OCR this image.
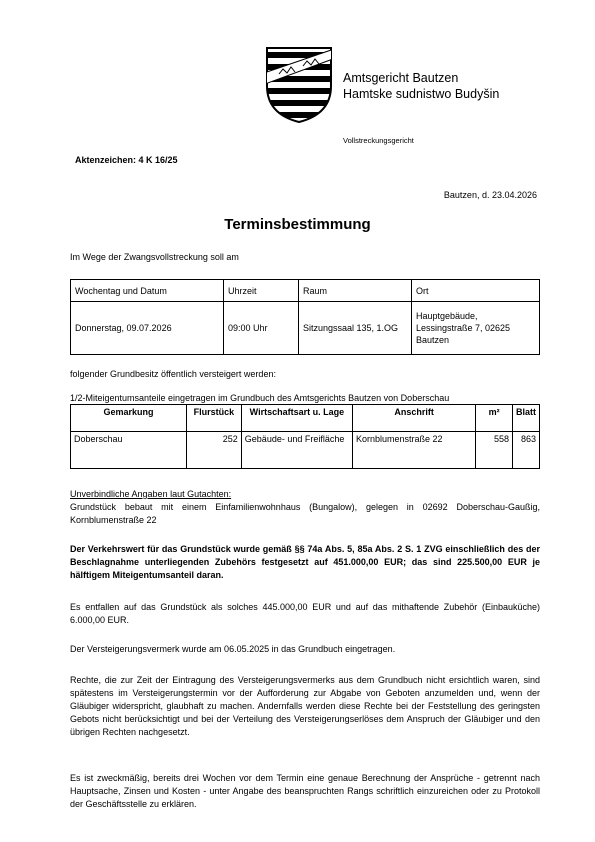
Amtsgericht Bautzen
Hamtske sudnistwo Budyšin
Vollstreckungsgericht
Aktenzeichen: 4 K 16/25
Bautzen, d. 23.04.2026
Terminsbestimmung
Im Wege der Zwangsvollstreckung soll am
Wochentag und Datum	Uhrzeit	Raum	Ort
Donnerstag, 09.07.2026	09:00 Uhr	Sitzungssaal 135, 1.OG	Hauptgebäude, Lessingstraße 7, 02625 Bautzen
folgender Grundbesitz öffentlich versteigert werden:
1/2-Miteigentumsanteile eingetragen im Grundbuch des Amtsgerichts Bautzen von Doberschau
Gemarkung	Flurstück	Wirtschaftsart u. Lage	Anschrift	m²	Blatt
Doberschau	252	Gebäude- und Freifläche	Kornblumenstraße 22	558	863
Unverbindliche Angaben laut Gutachten:
Grundstück bebaut mit einem Einfamilienwohnhaus (Bungalow), gelegen in 02692 Doberschau-Gaußig, Kornblumenstraße 22
Der Verkehrswert für das Grundstück wurde gemäß §§ 74a Abs. 5, 85a Abs. 2 S. 1 ZVG einschließlich des der Beschlagnahme unterliegenden Zubehörs festgesetzt auf 451.000,00 EUR; das sind 225.500,00 EUR je hälftigem Miteigentumsanteil daran.
Es entfallen auf das Grundstück als solches 445.000,00 EUR und auf das mithaftende Zubehör (Einbauküche) 6.000,00 EUR.
Der Versteigerungsvermerk wurde am 06.05.2025 in das Grundbuch eingetragen.
Rechte, die zur Zeit der Eintragung des Versteigerungsvermerks aus dem Grundbuch nicht ersichtlich waren, sind spätestens im Versteigerungstermin vor der Aufforderung zur Abgabe von Geboten anzumelden und, wenn der Gläubiger widerspricht, glaubhaft zu machen. Andernfalls werden diese Rechte bei der Feststellung des geringsten Gebots nicht berücksichtigt und bei der Verteilung des Versteigerungserlöses dem Anspruch der Gläubiger und den übrigen Rechten nachgesetzt.
Es ist zweckmäßig, bereits drei Wochen vor dem Termin eine genaue Berechnung der Ansprüche - getrennt nach Hauptsache, Zinsen und Kosten - unter Angabe des beanspruchten Rangs schriftlich einzureichen oder zu Protokoll der Geschäftsstelle zu erklären.
